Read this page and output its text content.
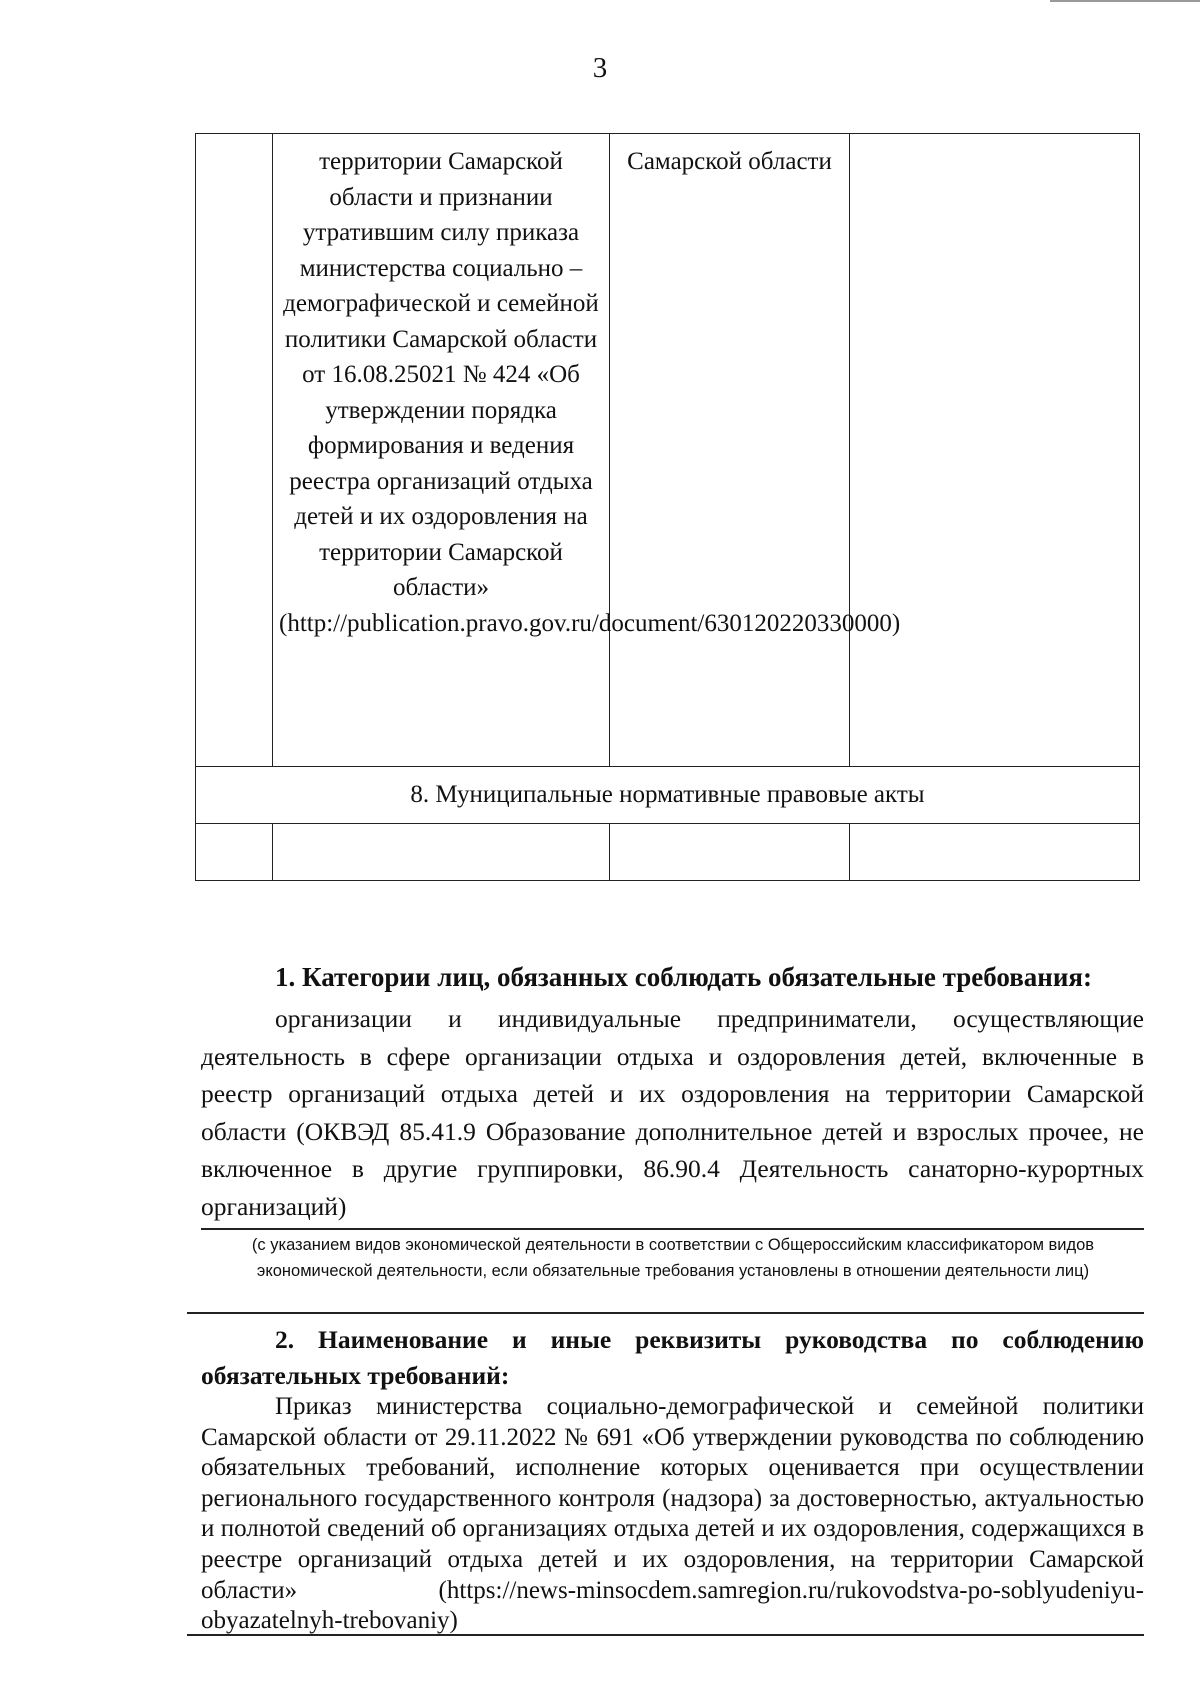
3
	территории Самарской области и признании утратившим силу приказа министерства социально – демографической и семейной политики Самарской области от 16.08.25021 № 424 «Об утверждении порядка формирования и ведения реестра организаций отдыха детей и их оздоровления на территории Самарской области» (http://publication.pravo.gov.ru/document/630120220330000)	Самарской области	
8. Муниципальные нормативные правовые акты			

1. Категории лиц, обязанных соблюдать обязательные требования:
организации и индивидуальные предприниматели, осуществляющие деятельность в сфере организации отдыха и оздоровления детей, включенные в реестр организаций отдыха детей и их оздоровления на территории Самарской области (ОКВЭД 85.41.9 Образование дополнительное детей и взрослых прочее, не включенное в другие группировки, 86.90.4 Деятельность санаторно-курортных организаций)
(с указанием видов экономической деятельности в соответствии с Общероссийским классификатором видов экономической деятельности, если обязательные требования установлены в отношении деятельности лиц)
2. Наименование и иные реквизиты руководства по соблюдению обязательных требований:
Приказ министерства социально-демографической и семейной политики Самарской области от 29.11.2022 № 691 «Об утверждении руководства по соблюдению обязательных требований, исполнение которых оценивается при осуществлении регионального государственного контроля (надзора) за достоверностью, актуальностью и полнотой сведений об организациях отдыха детей и их оздоровления, содержащихся в реестре организаций отдыха детей и их оздоровления, на территории Самарской области» (https://news-minsocdem.samregion.ru/rukovodstva-po-soblyudeniyu-obyazatelnyh-trebovaniy)
